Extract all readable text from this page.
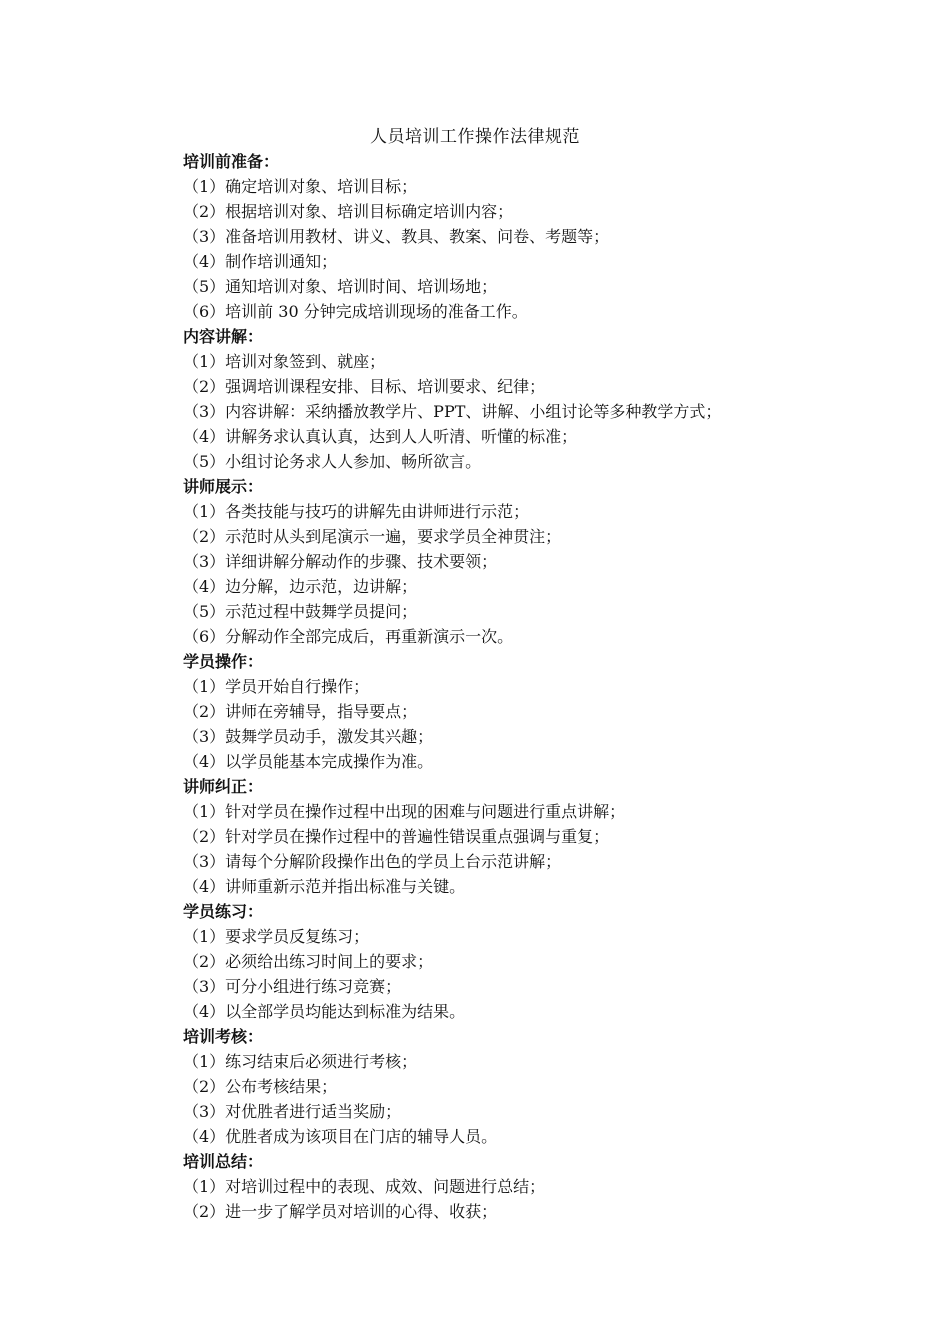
人员培训工作操作法律规范

培训前准备：

（1）确定培训对象、培训目标；

（2）根据培训对象、培训目标确定培训内容；

（3）准备培训用教材、讲义、教具、教案、问卷、考题等；

（4）制作培训通知；

（5）通知培训对象、培训时间、培训场地；

（6）培训前 30 分钟完成培训现场的准备工作。

内容讲解：

（1）培训对象签到、就座；

（2）强调培训课程安排、目标、培训要求、纪律；

（3）内容讲解：采纳播放教学片、PPT、讲解、小组讨论等多种教学方式；

（4）讲解务求认真认真，达到人人听清、听懂的标准；

（5）小组讨论务求人人参加、畅所欲言。

讲师展示：

（1）各类技能与技巧的讲解先由讲师进行示范；

（2）示范时从头到尾演示一遍，要求学员全神贯注；

（3）详细讲解分解动作的步骤、技术要领；

（4）边分解，边示范，边讲解；

（5）示范过程中鼓舞学员提问；

（6）分解动作全部完成后，再重新演示一次。

学员操作：

（1）学员开始自行操作；

（2）讲师在旁辅导，指导要点；

（3）鼓舞学员动手，激发其兴趣；

（4）以学员能基本完成操作为准。

讲师纠正：

（1）针对学员在操作过程中出现的困难与问题进行重点讲解；

（2）针对学员在操作过程中的普遍性错误重点强调与重复；

（3）请每个分解阶段操作出色的学员上台示范讲解；

（4）讲师重新示范并指出标准与关键。

学员练习：

（1）要求学员反复练习；

（2）必须给出练习时间上的要求；

（3）可分小组进行练习竞赛；

（4）以全部学员均能达到标准为结果。

培训考核：

（1）练习结束后必须进行考核；

（2）公布考核结果；

（3）对优胜者进行适当奖励；

（4）优胜者成为该项目在门店的辅导人员。

培训总结：

（1）对培训过程中的表现、成效、问题进行总结；

（2）进一步了解学员对培训的心得、收获；
